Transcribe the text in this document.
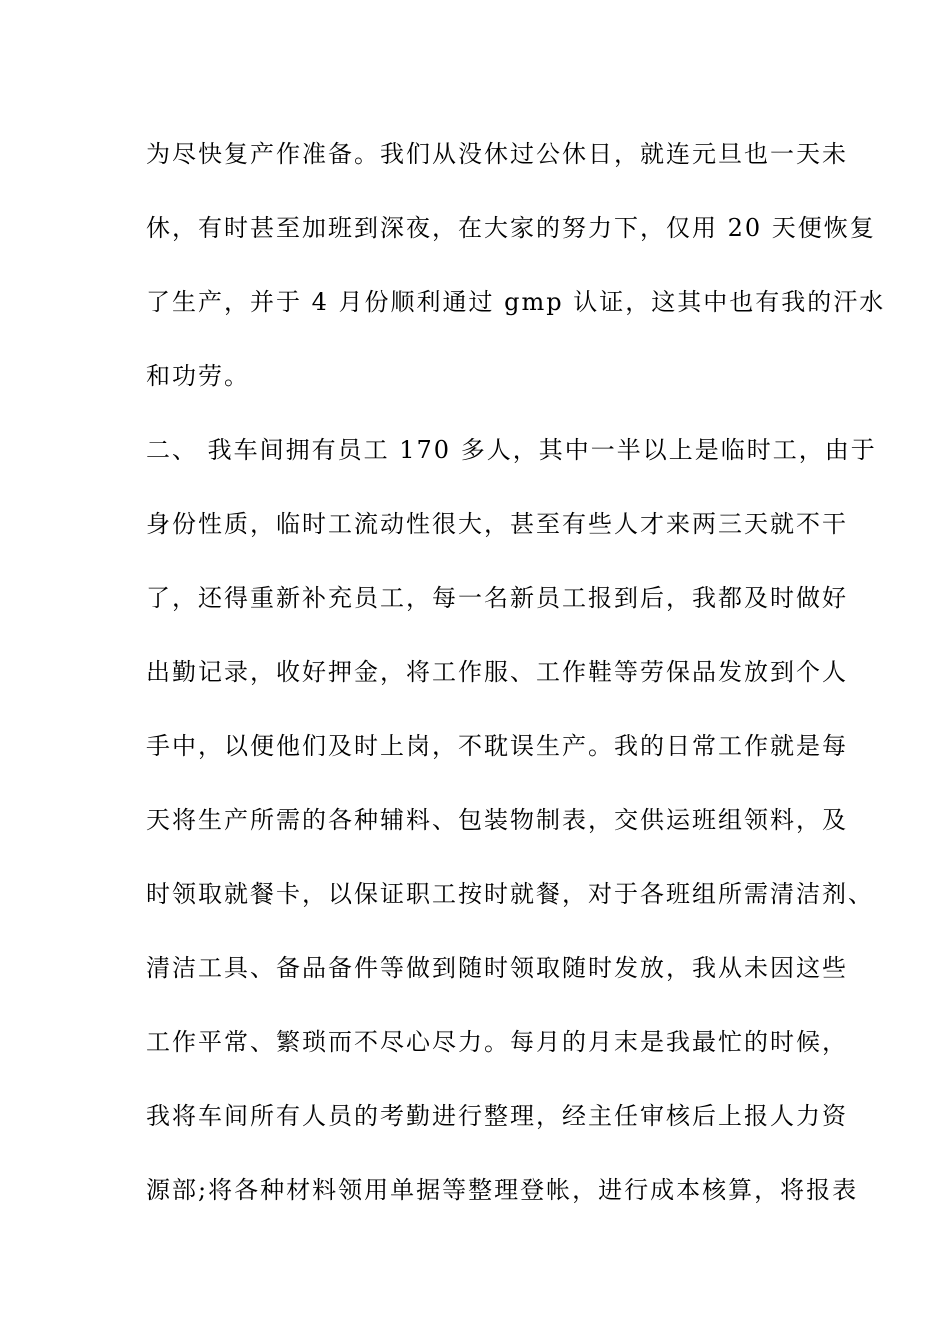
为尽快复产作准备。我们从没休过公休日，就连元旦也一天未
休，有时甚至加班到深夜，在大家的努力下，仅用 20 天便恢复
了生产，并于 4 月份顺利通过 gmp 认证，这其中也有我的汗水
和功劳。
二、 我车间拥有员工 170 多人，其中一半以上是临时工，由于
身份性质，临时工流动性很大，甚至有些人才来两三天就不干
了，还得重新补充员工，每一名新员工报到后，我都及时做好
出勤记录，收好押金，将工作服、工作鞋等劳保品发放到个人
手中，以便他们及时上岗，不耽误生产。我的日常工作就是每
天将生产所需的各种辅料、包装物制表，交供运班组领料，及
时领取就餐卡，以保证职工按时就餐，对于各班组所需清洁剂、
清洁工具、备品备件等做到随时领取随时发放，我从未因这些
工作平常、繁琐而不尽心尽力。每月的月末是我最忙的时候，
我将车间所有人员的考勤进行整理，经主任审核后上报人力资
源部;将各种材料领用单据等整理登帐，进行成本核算，将报表
